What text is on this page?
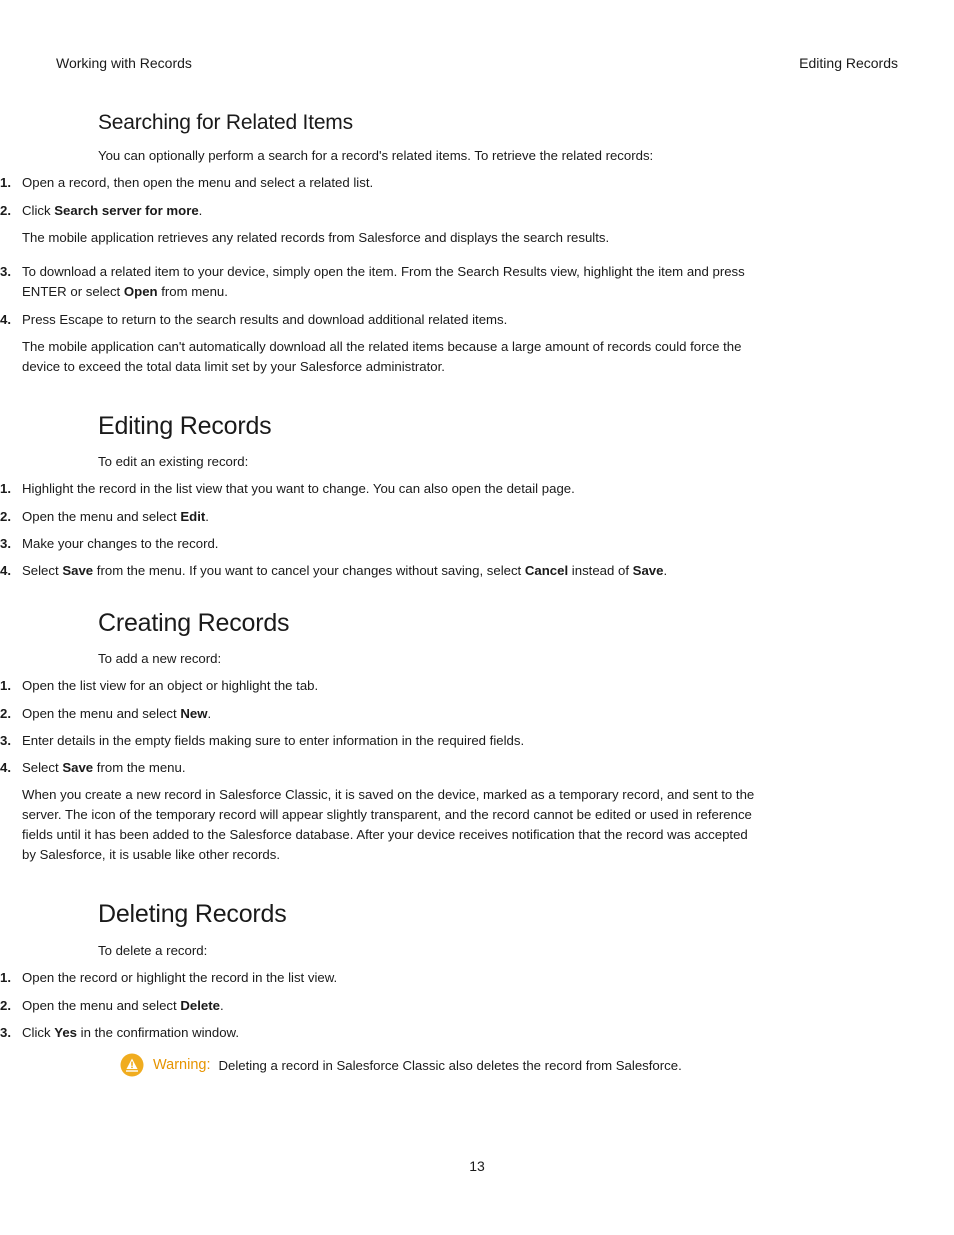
Working with Records	Editing Records
Searching for Related Items

You can optionally perform a search for a record's related items. To retrieve the related records:

1. Open a record, then open the menu and select a related list.
2. Click Search server for more.

The mobile application retrieves any related records from Salesforce and displays the search results.

3. To download a related item to your device, simply open the item. From the Search Results view, highlight the item and press ENTER or select Open from menu.
4. Press Escape to return to the search results and download additional related items.

The mobile application can't automatically download all the related items because a large amount of records could force the device to exceed the total data limit set by your Salesforce administrator.

Editing Records

To edit an existing record:

1. Highlight the record in the list view that you want to change. You can also open the detail page.
2. Open the menu and select Edit.
3. Make your changes to the record.
4. Select Save from the menu. If you want to cancel your changes without saving, select Cancel instead of Save.
Creating Records

To add a new record:

1. Open the list view for an object or highlight the tab.
2. Open the menu and select New.
3. Enter details in the empty fields making sure to enter information in the required fields.
4. Select Save from the menu.

When you create a new record in Salesforce Classic, it is saved on the device, marked as a temporary record, and sent to the server. The icon of the temporary record will appear slightly transparent, and the record cannot be edited or used in reference fields until it has been added to the Salesforce database. After your device receives notification that the record was accepted by Salesforce, it is usable like other records.

Deleting Records

To delete a record:

1. Open the record or highlight the record in the list view.
2. Open the menu and select Delete.
3. Click Yes in the confirmation window.
Warning: Deleting a record in Salesforce Classic also deletes the record from Salesforce.
13
